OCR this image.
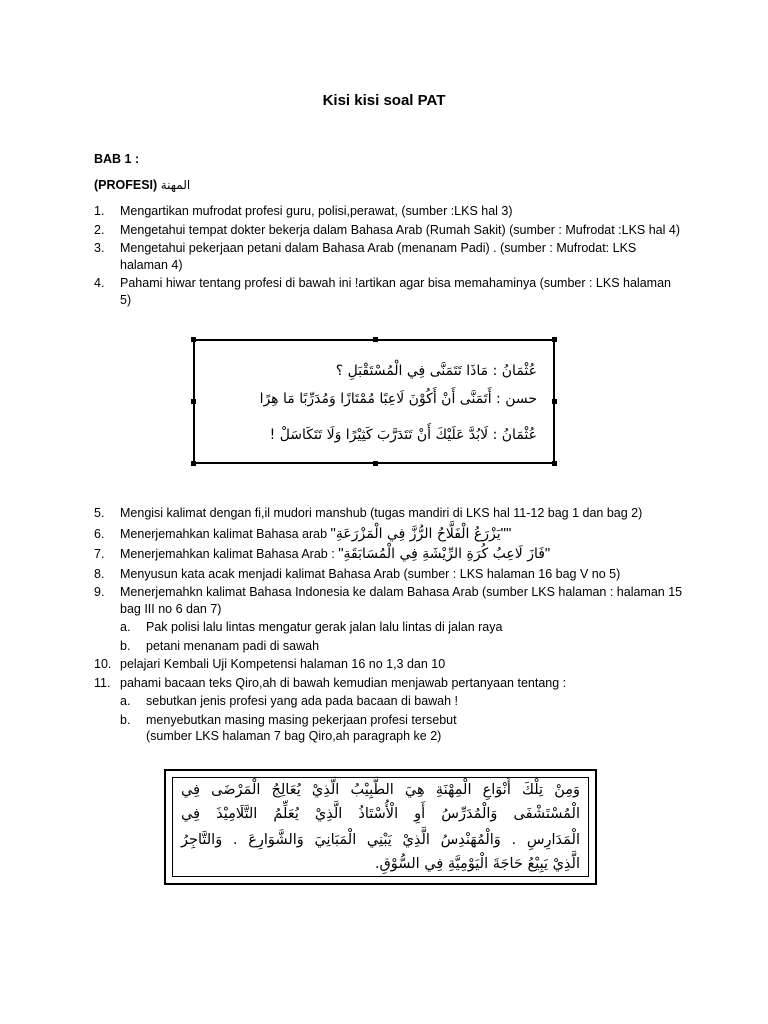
Kisi kisi soal PAT
BAB 1 :
(PROFESI) المهنة

1. Mengartikan mufrodat profesi guru, polisi,perawat, (sumber :LKS hal 3)

2. Mengetahui tempat dokter bekerja dalam Bahasa Arab (Rumah Sakit) (sumber : Mufrodat :LKS hal 4)

3. Mengetahui pekerjaan petani dalam Bahasa Arab (menanam Padi) . (sumber : Mufrodat: LKS halaman 4)

4. Pahami hiwar tentang profesi di bawah ini !artikan agar bisa memahaminya (sumber : LKS halaman 5)

عُثْمَانُ : مَاذَا تَتَمَنَّى فِي الْمُسْتَقْبَلِ ؟
حسن : أَتَمَنَّى أَنْ أَكُوْنَ لَاعِبًا مُمْتَازًا وَمُدَرِّبًا مَا هِرًا
عُثْمَانُ : لَابُدَّ عَلَيْكَ أَنْ تَتَدَرَّبَ كَثِيْرًا وَلَا تَتَكَاسَلْ !

5. Mengisi kalimat dengan fi,il mudori manshub (tugas mandiri di LKS hal 11-12 bag 1 dan bag 2)

6. Menerjemahkan kalimat Bahasa arab "يَزْرَعُ الْفَلَّاحُ الرُّزَّ فِي الْمَزْرَعَةِ""

7. Menerjemahkan kalimat Bahasa Arab : "فَازَ لَاعِبُ كُرَةِ الرِّيْشَةِ فِي الْمُسَابَقَةِ"

8. Menyusun kata acak menjadi kalimat Bahasa Arab (sumber : LKS halaman 16 bag V no 5)

9. Menerjemahkn kalimat Bahasa Indonesia ke dalam Bahasa Arab (sumber LKS halaman : halaman 15 bag III no 6 dan 7)

a. Pak polisi lalu lintas mengatur gerak jalan lalu lintas di jalan raya

b. petani menanam padi di sawah

10. pelajari Kembali Uji Kompetensi halaman 16 no 1,3 dan 10

11. pahami bacaan teks Qiro,ah di bawah kemudian menjawab pertanyaan tentang :

a. sebutkan jenis profesi yang ada pada bacaan di bawah !

b. menyebutkan masing masing pekerjaan profesi tersebut

(sumber LKS halaman 7 bag Qiro,ah paragraph ke 2)

وَمِنْ تِلْكَ أَنْوَاعِ الْمِهْنَةِ هِيَ الطَّبِيْبُ الَّذِيْ يُعَالِجُ الْمَرْضَى فِي
الْمُسْتَشْفَى وَالْمُدَرِّسُ أَوِ الْأُسْتَاذُ الَّذِيْ يُعَلِّمُ التَّلَامِيْذَ فِي
الْمَدَارِسِ . وَالْمُهَنْدِسُ الَّذِيْ يَبْنِي الْمَبَانِيَ وَالشَّوَارِعَ . وَالتَّاجِرُ
الَّذِيْ يَبِيْعُ حَاجَةَ الْيَوْمِيَّةِ فِي السُّوْقِ.
